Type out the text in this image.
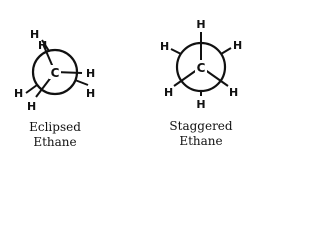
C
H
H
H
H
H
H
Eclipsed
Ethane
C
H
H	H
H	H
H
Staggered
Ethane
